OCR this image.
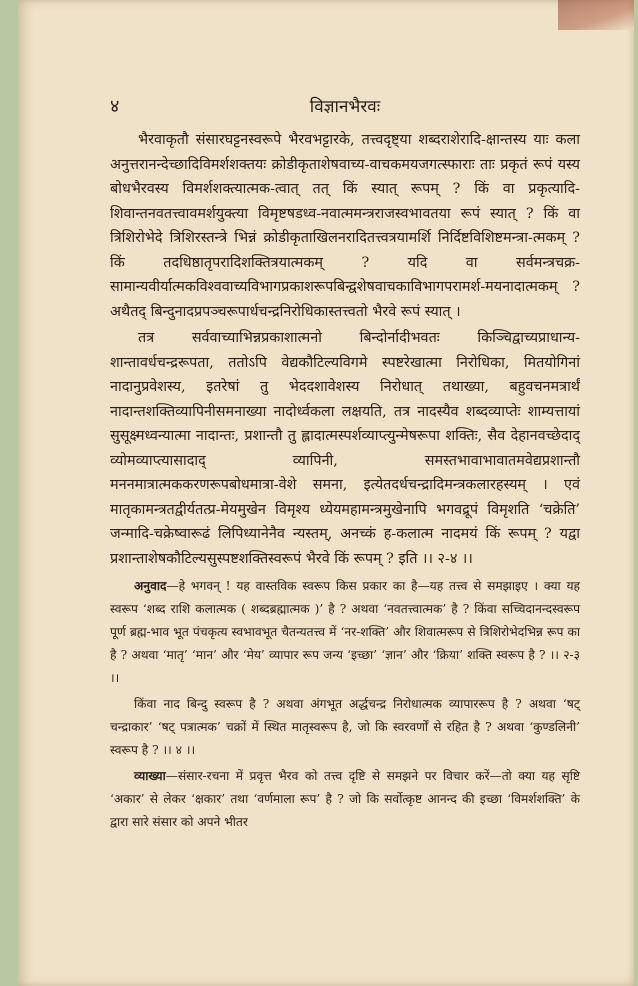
४	विज्ञानभैरवः

भैरवाकृतौ संसारघट्टनस्वरूपे भैरवभट्टारके, तत्त्वदृष्ट्या शब्दराशेरादि-क्षान्तस्य याः कला अनुत्तरानन्देच्छादिविमर्शशक्तयः क्रोडीकृताशेषवाच्य-वाचकमयजगत्स्फाराः ताः प्रकृतं रूपं यस्य बोधभैरवस्य विमर्शशक्त्यात्मक-त्वात् तत् किं स्यात् रूपम् ? किं वा प्रकृत्यादि-शिवान्तनवतत्त्वावमर्शयुक्त्या विमृष्टषडध्व-नवात्ममन्त्रराजस्वभावतया रूपं स्यात् ? किं वा त्रिशिरोभेदे त्रिशिरस्तन्त्रे भिन्नं क्रोडीकृताखिलनरादितत्त्वत्रयामर्शि निर्दिष्टविशिष्टमन्त्रा-त्मकम् ? किं तदधिष्ठातृपरादिशक्तित्रयात्मकम् ? यदि वा सर्वमन्त्रचक्र-सामान्यवीर्यात्मकविश्ववाच्यविभागप्रकाशरूपबिन्द्वशेषवाचकाविभागपरामर्श-मयनादात्मकम् ? अथैतद् बिन्दुनादप्रपञ्चरूपार्धचन्द्रनिरोधिकास्तत्त्वतो भैरवे रूपं स्यात् ।

तत्र सर्ववाच्याभिन्नप्रकाशात्मनो बिन्दोर्नादीभवतः किञ्चिद्वाच्यप्राधान्य-शान्तावर्धचन्द्ररूपता, ततोऽपि वेद्यकौटिल्यविगमे स्पष्टरेखात्मा निरोधिका, मितयोगिनां नादानुप्रवेशस्य, इतरेषां तु भेददशावेशस्य निरोधात् तथाख्या, बहुवचनमत्रार्थं नादान्तशक्तिव्यापिनीसमनाख्या नादोर्ध्वकला लक्षयति, तत्र नादस्यैव शब्दव्याप्तेः शाम्यत्तायां सुसूक्ष्मध्वन्यात्मा नादान्तः, प्रशान्तौ तु ह्लादात्मस्पर्शव्याप्त्युन्मेषरूपा शक्तिः, सैव देहानवच्छेदाद् व्योमव्याप्त्यासादाद् व्यापिनी, समस्तभावाभावातमवेद्यप्रशान्तौ मननमात्रात्मककरणरूपबोधमात्रा-वेशे समना, इत्येतदर्धचन्द्रादिमन्त्रकलारहस्यम् । एवं मातृकामन्त्रतद्वीर्यतत्प्र-मेयमुखेन विमृश्य ध्येयमहामन्त्रमुखेनापि भगवद्रूपं विमृशति ‘चक्रेति’ जन्मादि-चक्रेष्वारूढं लिपिध्यानेनैव न्यस्तम्, अनच्कं ह-कलात्म नादमयं किं रूपम् ? यद्वा प्रशान्ताशेषकौटिल्यसुस्पष्टशक्तिस्वरूपं भैरवे किं रूपम् ? इति ।। २-४ ।।

अनुवाद—हे भगवन् ! यह वास्तविक स्वरूप किस प्रकार का है—यह तत्त्व से समझाइए । क्या यह स्वरूप ‘शब्द राशि कलात्मक ( शब्दब्रह्मात्मक )’ है ? अथवा ‘नवतत्त्वात्मक’ है ? किंवा सच्चिदानन्दस्वरूप पूर्ण ब्रह्म-भाव भूत पंचकृत्य स्वभावभूत चैतन्यतत्त्व में ‘नर-शक्ति’ और शिवात्मरूप से त्रिशिरोभेदभिन्न रूप का है ? अथवा ‘मातृ’ ‘मान’ और ‘मेय’ व्यापार रूप जन्य ‘इच्छा’ ‘ज्ञान’ और ‘क्रिया’ शक्ति स्वरूप है ? ।। २-३ ।।

किंवा नाद बिन्दु स्वरूप है ? अथवा अंगभूत अर्द्धचन्द्र निरोधात्मक व्यापाररूप है ? अथवा ‘षट् चन्द्राकार’ ‘षट् पत्रात्मक’ चक्रों में स्थित मातृस्वरूप है, जो कि स्वरवर्णों से रहित है ? अथवा ‘कुण्डलिनी’ स्वरूप है ? ।। ४ ।।

व्याख्या—संसार-रचना में प्रवृत्त भैरव को तत्त्व दृष्टि से समझने पर विचार करें—तो क्या यह सृष्टि ‘अकार’ से लेकर ‘क्षकार’ तथा ‘वर्णमाला रूप’ है ? जो कि सर्वोत्कृष्ट आनन्द की इच्छा ‘विमर्शशक्ति’ के द्वारा सारे संसार को अपने भीतर
